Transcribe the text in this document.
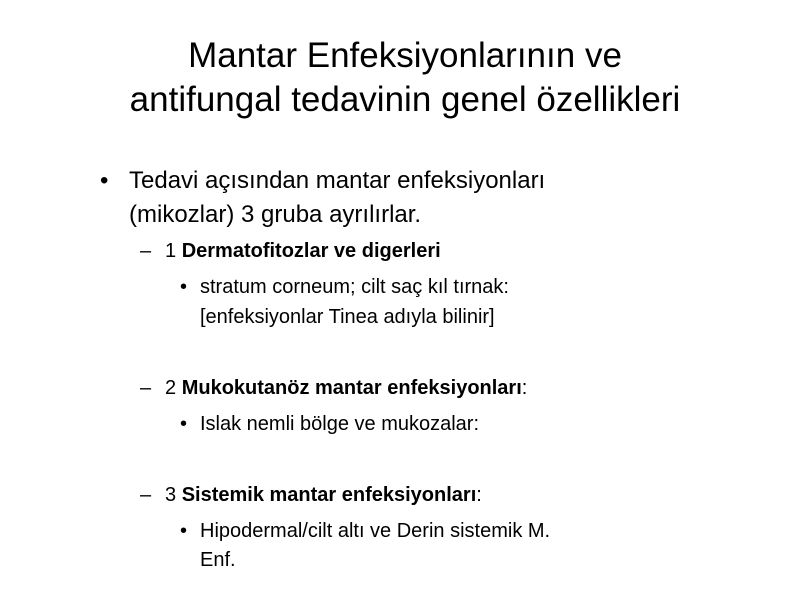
Mantar Enfeksiyonlarının ve
antifungal tedavinin genel özellikleri
• Tedavi açısından mantar enfeksiyonları
(mikozlar) 3 gruba ayrılırlar.
– 1 Dermatofitozlar ve digerleri
• stratum corneum; cilt saç kıl tırnak:
[enfeksiyonlar Tinea adıyla bilinir]
– 2 Mukokutanöz mantar enfeksiyonları:
• Islak nemli bölge ve mukozalar:
– 3 Sistemik mantar enfeksiyonları:
• Hipodermal/cilt altı ve Derin sistemik M.
Enf.
